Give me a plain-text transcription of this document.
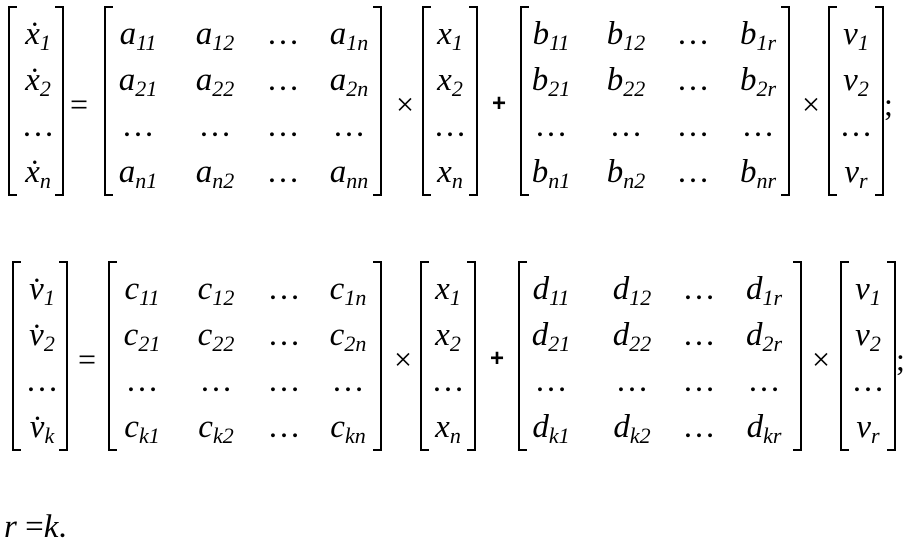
ẋ$_1$
ẋ$_2$
…
ẋ$_n$
=
$a_{11}$ $a_{12}$ … $a_{1n}$
$a_{21}$ $a_{22}$ … $a_{2n}$
… … … …
$a_{n1}$ $a_{n2}$ … $a_{nn}$
×
$x_1$
$x_2$
…
$x_n$
+
$b_{11}$ $b_{12}$ … $b_{1r}$
$b_{21}$ $b_{22}$ … $b_{2r}$
… … … …
$b_{n1}$ $b_{n2}$ … $b_{nr}$
×
$v_1$
$v_2$
…
$v_r$
;
$v̇_1$
$v̇_2$
…
$v̇_k$
=
$c_{11}$ $c_{12}$ … $c_{1n}$
$c_{21}$ $c_{22}$ … $c_{2n}$
… … … …
$c_{k1}$ $c_{k2}$ … $c_{kn}$
×
$x_1$
$x_2$
…
$x_n$
+
$d_{11}$ $d_{12}$ … $d_{1r}$
$d_{21}$ $d_{22}$ … $d_{2r}$
… … … …
$d_{k1}$ $d_{k2}$ … $d_{kr}$
×
$v_1$
$v_2$
…
$v_r$
;
r =k.
